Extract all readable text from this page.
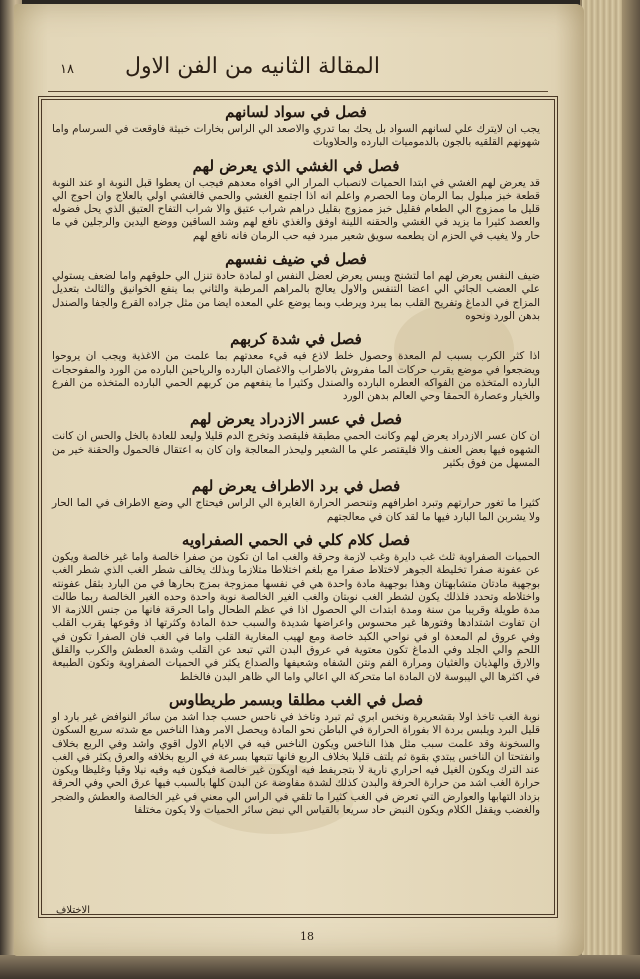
المقالة الثانيه من الفن الاول
١٨
فصل في سواد لسانهم
يجب ان لايترك علي لسانهم السواد بل يحك بما تدري والاصعد الي الراس بخارات خبيثة فاوقعت في السرسام واما شهونهم القلقيه بالجون بالدموميات البارده والحلاويات
فصل في الغشي الذي يعرض لهم
قد يعرض لهم الغشي في ابتدا الحميات لانصباب المرار الي افواه معدهم فيجب ان يعطوا قبل النوبة او عند النوبة قطعة خبز مبلول بما الرمان وما الحصرم واعلم انه اذا اجتمع الغشي والحمي فالغشي اولي بالعلاج وان احوج الي قليل ما ممزوج الي الطعام فقليل خبز ممزوج بقليل دراهم شراب عتيق والا شراب التفاح العتيق الذي يحل فضوله والعصد كثيرا ما يزيد في الغشي والحقنه اللينة اوفق والغذي نافع لهم وشد الساقين ووضع اليدين والرجلين في ما حار ولا يغيب في الحزم ان يطعمه سويق شعير مبرد فيه حب الرمان فانه نافع لهم
فصل في ضيف نفسهم
ضيف النفس يعرض لهم اما لتشنج ويبس يعرض لعضل النفس او لمادة حادة تنزل الي حلوقهم واما لضعف يستولي علي العضب الجائي الي اعضا التنفس والاول يعالج بالمراهم المرطبة والثاني بما ينفع الخوانيق والثالث بتعديل المزاج في الدماغ وتفريح القلب بما يبرد ويرطب وبما يوضع علي المعده ايضا من مثل جراده القرع والجفا والصندل بدهن الورد ونحوه
فصل في شدة كربهم
اذا كثر الكرب بسبب لم المعدة وحصول خلط لاذع فيه قيء معدتهم بما علمت من الاغذية ويجب ان يروحوا ويضجعوا في موضع يقرب حركات الما مفروش بالاطراب والاغصان البارده والرياحين البارده من الورد والمفوحجات البارده المتخذه من الفواكه العطره البارده والصندل وكثيرا ما ينفعهم من كربهم الحمي البارده المتخذه من الفرع والخيار وعصارة الحمقا وحي العالم بدهن الورد
فصل في عسر الازدراد يعرض لهم
ان كان عسر الازدراد يعرض لهم وكانت الحمي مطبقة فليقصد وتخرج الدم قليلا وليعد للعادة بالخل والحس ان كانت الشهوه فيها بعض العنف والا فليقتصر علي ما الشعير وليحذر المعالجة وان كان به اعتقال فالحمول والحقنة خير من المسهل من فوق بكثير
فصل في برد الاطراف يعرض لهم
كثيرا ما تغور حرارتهم وتبرد اطرافهم وتنحصر الحرارة الغايرة الي الراس فيحتاج الي وضع الاطراف في الما الحار ولا يشربن الما البارد فيها ما لقد كان في معالجتهم
فصل كلام كلي في الحمي الصفراويه
الحميات الصفراوية ثلث غب دايرة وغب لازمة وحرقة والغب اما ان تكون من صفرا خالصة واما غير خالصة ويكون عن عفونة صفرا تخليطة الجوهر لاختلاط صفرا مع بلغم اختلاطا متلازما وبذلك يخالف شطر الغب الذي شطر الغب بوجهية مادتان متشابهتان وهذا بوجهية مادة واحدة هي في نفسها ممزوجة بمزج بحارها في من البارد بثقل عفونته واختلاطه وتحدد فلذلك يكون لشطر الغب نوبتان والغب الغير الخالصة نوبة واحدة وحده الغير الخالصة ربما طالت مدة طويلة وقريبا من سنة ومدة ابتدات الي الحصول اذا في عظم الطحال واما الحرقة فانها من جنس اللازمة الا ان تفاوت اشتدادها وفتورها غير محسوس واعراضها شديدة والسبب حدة المادة وكثرتها اذ وقوعها يقرب القلب وفي عروق لم المعدة او في نواحي الكبد خاصة ومع لهيب المغارية القلب واما في الغب فان الصفرا تكون في اللحم والي الجلد وفي الدماغ تكون معتوية في عروق البدن التي تبعد عن القلب وشدة العطش والكرب والقلق والارق والهذيان والغثيان ومرارة الفم ونتن الشفاه وشعيفها والصداع يكثر في الحميات الصفراوية وتكون الطبيعة في اكثرها الي اليبوسة لان المادة اما متحركة الي اعالي واما الي ظاهر البدن فالخلط
فصل في الغب مطلقا وبسمر طريطاوس
نوبة الغب تاخذ اولا بقشعريرة ونخس ابري ثم تبرد وتاخذ في ناحس حسب جدا اشد من سائر النوافض غير بارد او قليل البرد ويلبس بردة الا بفوراة الحرارة في الباطن نحو المادة ويحصل الامر وهذا الناخس مع شدته سريع السكون والسخونة وقد علمت سبب مثل هذا الناخس ويكون الناخس فيه في الايام الاول اقوي واشد وفي الربع بخلاف وانفتحتا ان الناخس يبتدي بقوة ثم يلتف قليلا بخلاف الربع فانها تتبعها بسرعة في الربع بخلافه والعرق يكثر في الغب عند الترك ويكون الغيل فيه احراري نارية لا بتجريفط فيه اويكون غير خالصة فيكون فيه وفيه نيلا وقيا وغليظا ويكون حرارة الغب اشد من حرارة الحرفة والبدن كذلك لشدة مفاوضة عن البدن كلها بالسبب فيها عرق الحي وفي الحرقة بزداد التهابها والعوارض التي تعرض في الغب كثيرا ما تلقي في الراس الي معني في غير الخالصة والعطش والضجر والغضب ويقفل الكلام ويكون النبض حاد سريعا بالقياس الي نبض سائر الحميات ولا يكون مختلفا
الاختلاف
18
